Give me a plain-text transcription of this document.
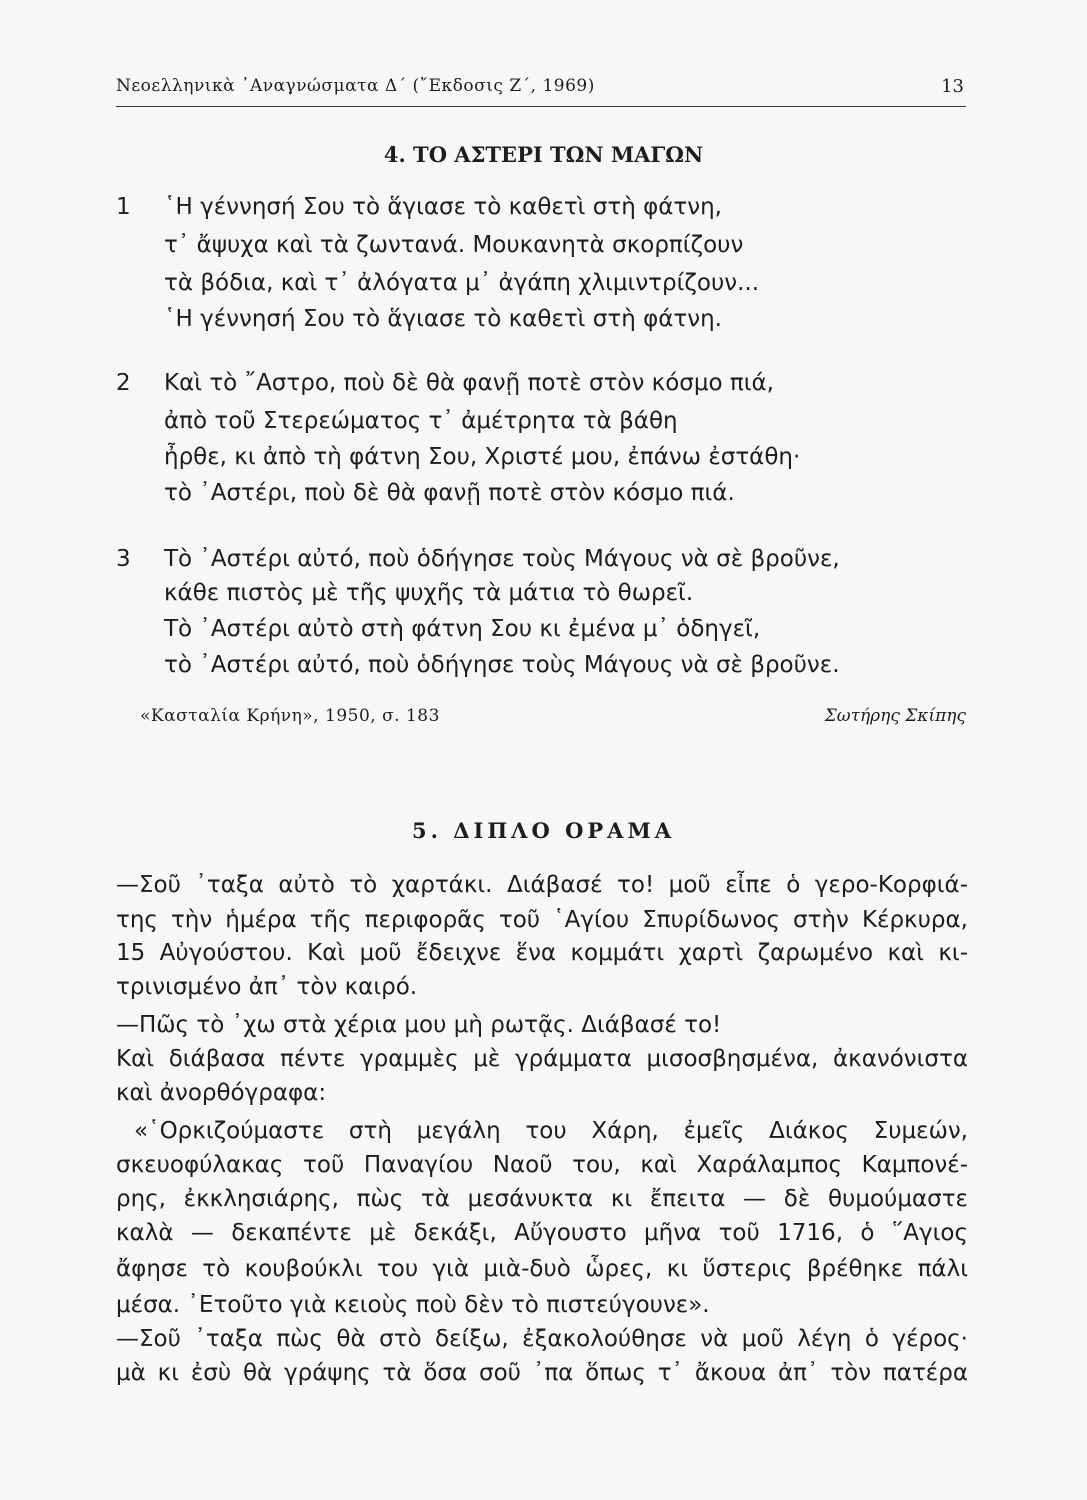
Νεοελληνικὰ ᾿Αναγνώσματα Δ΄ (῎Εκδοσις Ζ΄, 1969)	13
4. ΤΟ ΑΣΤΕΡΙ ΤΩΝ ΜΑΓΩΝ
1 ῾Η γέννησή Σου τὸ ἅγιασε τὸ καθετὶ στὴ φάτνη,
τ᾿ ἄψυχα καὶ τὰ ζωντανά. Μουκανητὰ σκορπίζουν
τὰ βόδια, καὶ τ᾿ ἀλόγατα μ᾿ ἀγάπη χλιμιντρίζουν...
῾Η γέννησή Σου τὸ ἅγιασε τὸ καθετὶ στὴ φάτνη.
2 Καὶ τὸ ῎Αστρο, ποὺ δὲ θὰ φανῇ ποτὲ στὸν κόσμο πιά,
ἀπὸ τοῦ Στερεώματος τ᾿ ἀμέτρητα τὰ βάθη
ἦρθε, κι ἀπὸ τὴ φάτνη Σου, Χριστέ μου, ἐπάνω ἐστάθη·
τὸ ᾿Αστέρι, ποὺ δὲ θὰ φανῇ ποτὲ στὸν κόσμο πιά.
3 Τὸ ᾿Αστέρι αὐτό, ποὺ ὁδήγησε τοὺς Μάγους νὰ σὲ βροῦνε,
κάθε πιστὸς μὲ τῆς ψυχῆς τὰ μάτια τὸ θωρεῖ.
Τὸ ᾿Αστέρι αὐτὸ στὴ φάτνη Σου κι ἐμένα μ᾿ ὁδηγεῖ,
τὸ ᾿Αστέρι αὐτό, ποὺ ὁδήγησε τοὺς Μάγους νὰ σὲ βροῦνε.
«Κασταλία Κρήνη», 1950, σ. 183	Σωτήρης Σκίπης
5. ΔΙΠΛΟ ΟΡΑΜΑ
—Σοῦ ᾿ταξα αὐτὸ τὸ χαρτάκι. Διάβασέ το! μοῦ εἶπε ὁ γερο-Κορφιά-
της τὴν ἡμέρα τῆς περιφορᾶς τοῦ ῾Αγίου Σπυρίδωνος στὴν Κέρκυρα,
15 Αὐγούστου. Καὶ μοῦ ἔδειχνε ἕνα κομμάτι χαρτὶ ζαρωμένο καὶ κι-
τρινισμένο ἀπ᾿ τὸν καιρό.
—Πῶς τὸ ᾿χω στὰ χέρια μου μὴ ρωτᾷς. Διάβασέ το!
Καὶ διάβασα πέντε γραμμὲς μὲ γράμματα μισοσβησμένα, ἀκανόνιστα
καὶ ἀνορθόγραφα:
«῾Ορκιζούμαστε στὴ μεγάλη του Χάρη, ἐμεῖς Διάκος Συμεών,
σκευοφύλακας τοῦ Παναγίου Ναοῦ του, καὶ Χαράλαμπος Καμπονέ-
ρης, ἐκκλησιάρης, πὼς τὰ μεσάνυκτα κι ἔπειτα — δὲ θυμούμαστε
καλὰ — δεκαπέντε μὲ δεκάξι, Αὔγουστο μῆνα τοῦ 1716, ὁ ῞Αγιος
ἄφησε τὸ κουβούκλι του γιὰ μιὰ-δυὸ ὧρες, κι ὕστερις βρέθηκε πάλι
μέσα. ᾿Ετοῦτο γιὰ κειοὺς ποὺ δὲν τὸ πιστεύγουνε».
—Σοῦ ᾿ταξα πὼς θὰ στὸ δείξω, ἐξακολούθησε νὰ μοῦ λέγη ὁ γέρος·
μὰ κι ἐσὺ θὰ γράψης τὰ ὅσα σοῦ ᾿πα ὅπως τ᾿ ἄκουα ἀπ᾿ τὸν πατέρα
